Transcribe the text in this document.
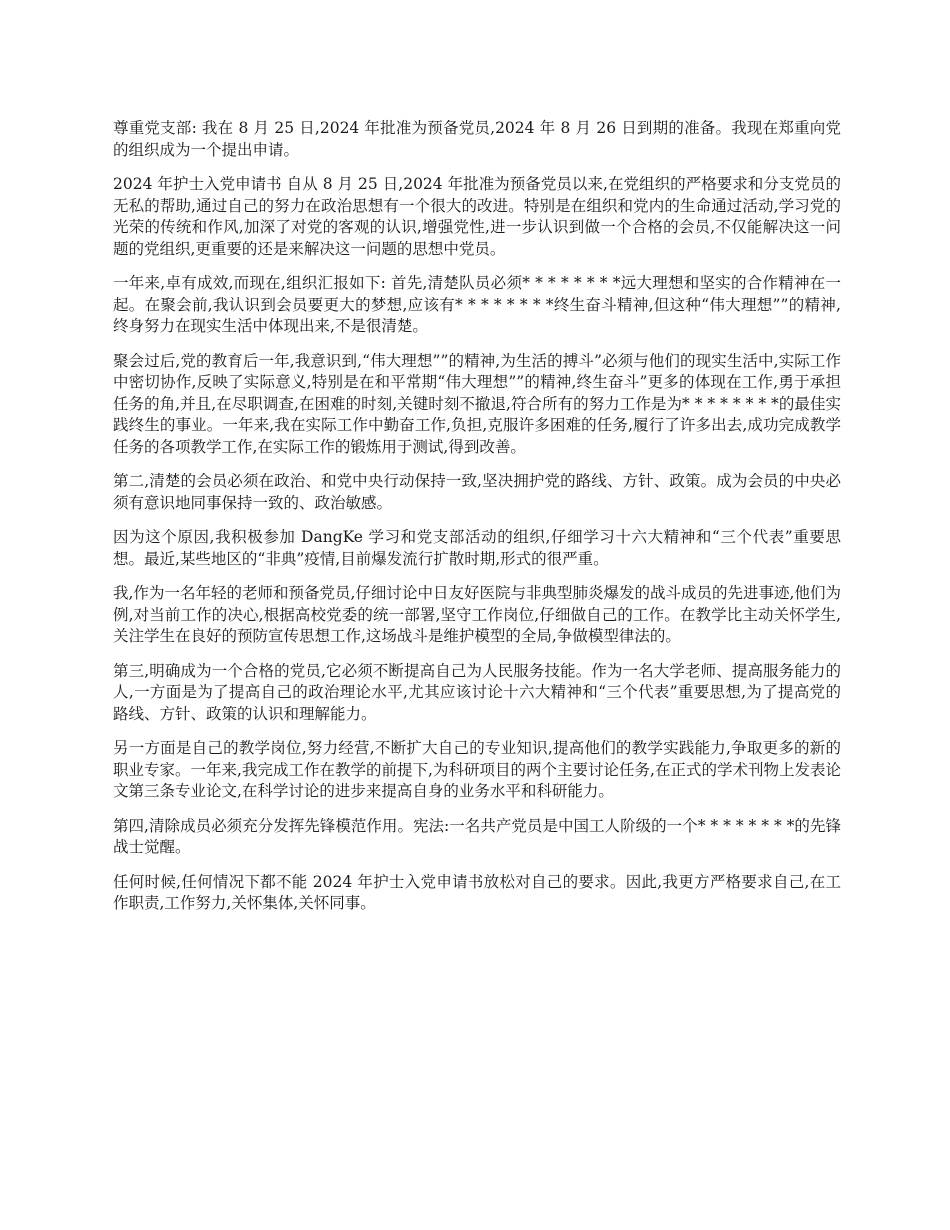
尊重党支部: 我在 8 月 25 日,2024 年批准为预备党员,2024 年 8 月 26 日到期的准备。我现在郑重向党的组织成为一个提出申请。

2024 年护士入党申请书 自从 8 月 25 日,2024 年批准为预备党员以来,在党组织的严格要求和分支党员的无私的帮助,通过自己的努力在政治思想有一个很大的改进。特别是在组织和党内的生命通过活动,学习党的光荣的传统和作风,加深了对党的客观的认识,增强党性,进一步认识到做一个合格的会员,不仅能解决这一问题的党组织,更重要的还是来解决这一问题的思想中党员。

一年来,卓有成效,而现在,组织汇报如下: 首先,清楚队员必须* * * * * * * *远大理想和坚实的合作精神在一起。在聚会前,我认识到会员要更大的梦想,应该有* * * * * * * *终生奋斗精神,但这种“伟大理想””的精神,终身努力在现实生活中体现出来,不是很清楚。

聚会过后,党的教育后一年,我意识到,“伟大理想””的精神,为生活的搏斗”必须与他们的现实生活中,实际工作中密切协作,反映了实际意义,特别是在和平常期“伟大理想””的精神,终生奋斗”更多的体现在工作,勇于承担任务的角,并且,在尽职调查,在困难的时刻,关键时刻不撤退,符合所有的努力工作是为* * * * * * * *的最佳实践终生的事业。一年来,我在实际工作中勤奋工作,负担,克服许多困难的任务,履行了许多出去,成功完成教学任务的各项教学工作,在实际工作的锻炼用于测试,得到改善。

第二,清楚的会员必须在政治、和党中央行动保持一致,坚决拥护党的路线、方针、政策。成为会员的中央必须有意识地同事保持一致的、政治敏感。

因为这个原因,我积极参加 DangKe 学习和党支部活动的组织,仔细学习十六大精神和“三个代表”重要思想。最近,某些地区的“非典”疫情,目前爆发流行扩散时期,形式的很严重。

我,作为一名年轻的老师和预备党员,仔细讨论中日友好医院与非典型肺炎爆发的战斗成员的先进事迹,他们为例,对当前工作的决心,根据高校党委的统一部署,坚守工作岗位,仔细做自己的工作。在教学比主动关怀学生,关注学生在良好的预防宣传思想工作,这场战斗是维护模型的全局,争做模型律法的。

第三,明确成为一个合格的党员,它必须不断提高自己为人民服务技能。作为一名大学老师、提高服务能力的人,一方面是为了提高自己的政治理论水平,尤其应该讨论十六大精神和“三个代表”重要思想,为了提高党的路线、方针、政策的认识和理解能力。

另一方面是自己的教学岗位,努力经营,不断扩大自己的专业知识,提高他们的教学实践能力,争取更多的新的职业专家。一年来,我完成工作在教学的前提下,为科研项目的两个主要讨论任务,在正式的学术刊物上发表论文第三条专业论文,在科学讨论的进步来提高自身的业务水平和科研能力。

第四,清除成员必须充分发挥先锋模范作用。宪法:一名共产党员是中国工人阶级的一个* * * * * * * *的先锋战士觉醒。

任何时候,任何情况下都不能 2024 年护士入党申请书放松对自己的要求。因此,我更方严格要求自己,在工作职责,工作努力,关怀集体,关怀同事。
